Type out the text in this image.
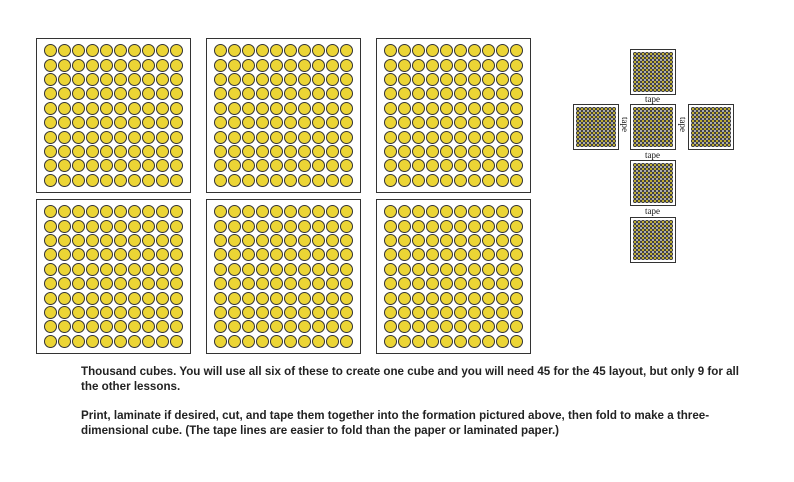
tape
tape	tape
tape
tape

Thousand cubes. You will use all six of these to create one cube and you will need 45 for the 45 layout, but only 9 for all the other lessons.

Print, laminate if desired, cut, and tape them together into the formation pictured above, then fold to make a three-dimensional cube. (The tape lines are easier to fold than the paper or laminated paper.)
